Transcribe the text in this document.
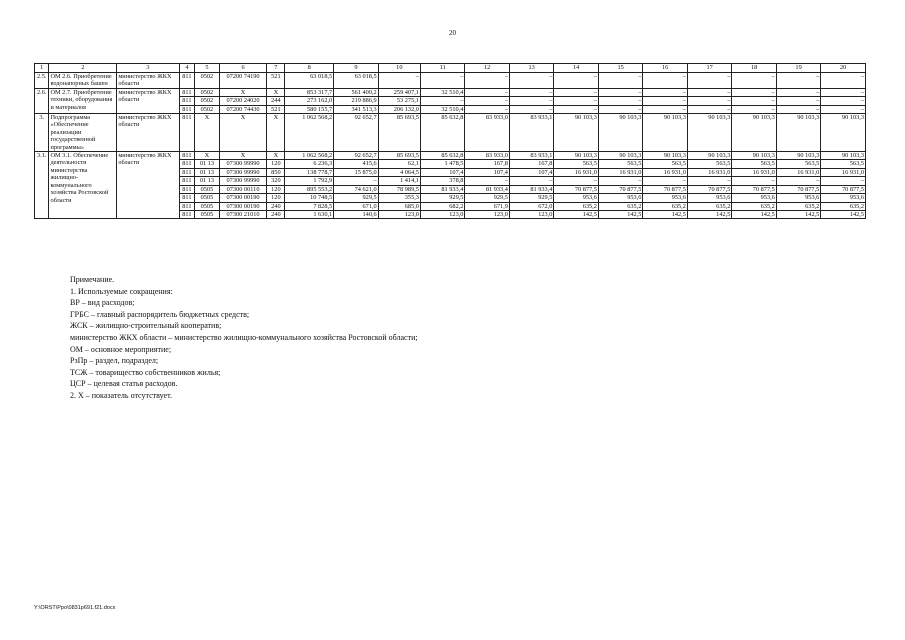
20
1	2	3	4	5	6	7	8	9	10	11	12	13	14	15	16	17	18	19	20
2.5.	ОМ 2.6. Приобретение водонапорных башен	министерство ЖКХ области	811	0502	07200 74190	521	63 018,5	63 018,5	–	–	–	–	–	–	–	–	–	–	–
2.6.	ОМ 2.7. Приобретение техники, оборудования и материалов	министерство ЖКХ области	811	0502	X	X	853 317,7	561 400,2	259 407,1	32 510,4	–	–	–	–	–	–	–	–	–
			811	0502	07200 24020	244	273 162,0	219 886,9	53 275,1	–	–	–	–	–	–	–	–	–	–
			811	0502	07200 74430	521	580 155,7	341 513,3	206 132,0	32 510,4	–	–	–	–	–	–	–	–	–
3.	Подпрограмма «Обеспечение реализации государственной программы»	министерство ЖКХ области	811	X	X	X	1 062 568,2	92 652,7	85 693,5	85 632,8	83 933,0	83 933,1	90 103,3	90 103,3	90 103,3	90 103,3	90 103,3	90 103,3	90 103,3
3.1.	ОМ 3.1. Обеспечение деятельности министерства жилищно-коммунального хозяйства Ростовской области	министерство ЖКХ области	811	X	X	X	1 062 568,2	92 652,7	85 693,5	85 632,8	83 933,0	83 933,1	90 103,3	90 103,3	90 103,3	90 103,3	90 103,3	90 103,3	90 103,3
			811	01 13	07300 99990	120	6 236,3	415,6	62,1	1 478,5	167,8	167,8	563,5	563,5	563,5	563,5	563,5	563,5	563,5
			811	01 13	07300 99990	850	138 778,7	15 875,0	4 064,5	107,4	107,4	107,4	16 931,0	16 931,0	16 931,0	16 931,0	16 931,0	16 931,0	16 931,0
			811	01 13	07300 99990	320	1 792,9	–	1 414,1	378,8	–	–	–	–	–	–	–	–	–
			811	0505	07300 00110	120	895 553,2	74 621,0	78 989,5	81 933,4	81 933,4	81 933,4	70 877,5	70 877,5	70 877,5	70 877,5	70 877,5	70 877,5	70 877,5
			811	0505	07300 00190	120	10 748,5	929,5	355,3	929,5	929,5	929,5	953,6	953,6	953,6	953,6	953,6	953,6	953,6
			811	0505	07300 00190	240	7 828,5	671,0	685,0	682,2	671,9	672,0	635,2	635,2	635,2	635,2	635,2	635,2	635,2
			811	0505	07300 21010	240	1 630,1	140,6	123,0	123,0	123,0	123,0	142,5	142,5	142,5	142,5	142,5	142,5	142,5
Примечание.
1. Используемые сокращения:
ВР – вид расходов;
ГРБС – главный распорядитель бюджетных средств;
ЖСК – жилищно-строительный кооператив;
министерство ЖКХ области – министерство жилищно-коммунального хозяйства Ростовской области;
ОМ – основное мероприятие;
РзПр – раздел, подраздел;
ТСЖ – товарищество собственников жилья;
ЦСР – целевая статья расходов.
2. Х – показатель отсутствует.
Y:\ORST\Ppo\0831p691.f21.docx
